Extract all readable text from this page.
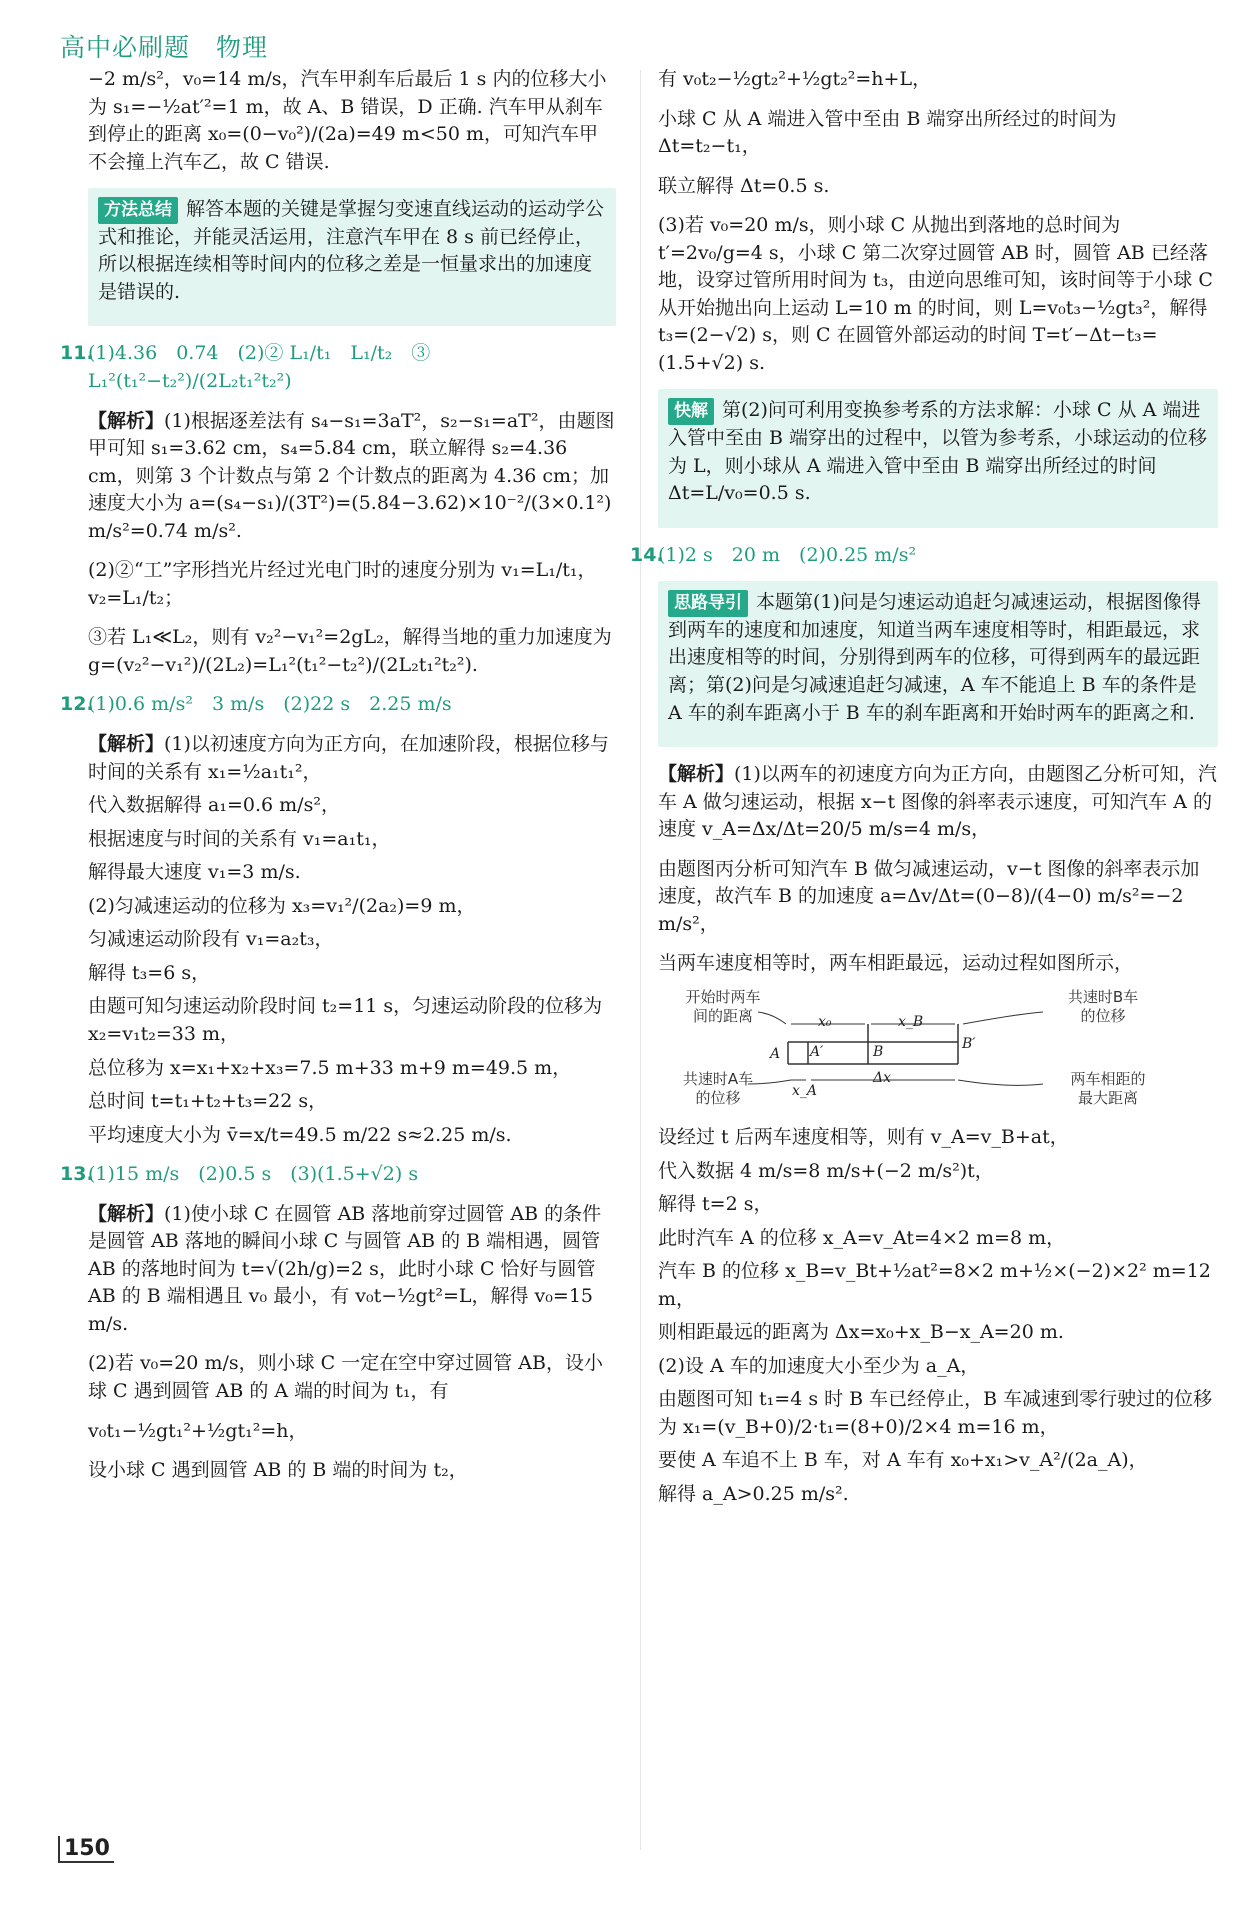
高中必刷题 物理

−2 m/s²，v₀=14 m/s，汽车甲刹车后最后 1 s 内的位移大小为 s₁=−½at′²=1 m，故 A、B 错误，D 正确. 汽车甲从刹车到停止的距离 x₀=(0−v₀²)/(2a)=49 m<50 m，可知汽车甲不会撞上汽车乙，故 C 错误.

方法总结 解答本题的关键是掌握匀变速直线运动的运动学公式和推论，并能灵活运用，注意汽车甲在 8 s 前已经停止，所以根据连续相等时间内的位移之差是一恒量求出的加速度是错误的.

11.(1)4.36　0.74　(2)② L₁/t₁　L₁/t₂　③ L₁²(t₁²−t₂²)/(2L₂t₁²t₂²)

【解析】(1)根据逐差法有 s₄−s₁=3aT²，s₂−s₁=aT²，由题图甲可知 s₁=3.62 cm，s₄=5.84 cm，联立解得 s₂=4.36 cm，则第 3 个计数点与第 2 个计数点的距离为 4.36 cm；加速度大小为 a=(s₄−s₁)/(3T²)=(5.84−3.62)×10⁻²/(3×0.1²) m/s²=0.74 m/s².

(2)②“工”字形挡光片经过光电门时的速度分别为 v₁=L₁/t₁，v₂=L₁/t₂；

③若 L₁≪L₂，则有 v₂²−v₁²=2gL₂，解得当地的重力加速度为 g=(v₂²−v₁²)/(2L₂)=L₁²(t₁²−t₂²)/(2L₂t₁²t₂²).

12.(1)0.6 m/s²　3 m/s　(2)22 s　2.25 m/s

【解析】(1)以初速度方向为正方向，在加速阶段，根据位移与时间的关系有 x₁=½a₁t₁²，

代入数据解得 a₁=0.6 m/s²，

根据速度与时间的关系有 v₁=a₁t₁，

解得最大速度 v₁=3 m/s.

(2)匀减速运动的位移为 x₃=v₁²/(2a₂)=9 m，

匀减速运动阶段有 v₁=a₂t₃，

解得 t₃=6 s，

由题可知匀速运动阶段时间 t₂=11 s，匀速运动阶段的位移为 x₂=v₁t₂=33 m，

总位移为 x=x₁+x₂+x₃=7.5 m+33 m+9 m=49.5 m，

总时间 t=t₁+t₂+t₃=22 s，

平均速度大小为 v̄=x/t=49.5 m/22 s≈2.25 m/s.

13.(1)15 m/s　(2)0.5 s　(3)(1.5+√2) s

【解析】(1)使小球 C 在圆管 AB 落地前穿过圆管 AB 的条件是圆管 AB 落地的瞬间小球 C 与圆管 AB 的 B 端相遇，圆管 AB 的落地时间为 t=√(2h/g)=2 s，此时小球 C 恰好与圆管 AB 的 B 端相遇且 v₀ 最小，有 v₀t−½gt²=L，解得 v₀=15 m/s.

(2)若 v₀=20 m/s，则小球 C 一定在空中穿过圆管 AB，设小球 C 遇到圆管 AB 的 A 端的时间为 t₁，有

v₀t₁−½gt₁²+½gt₁²=h，

设小球 C 遇到圆管 AB 的 B 端的时间为 t₂，

有 v₀t₂−½gt₂²+½gt₂²=h+L，

小球 C 从 A 端进入管中至由 B 端穿出所经过的时间为 Δt=t₂−t₁，

联立解得 Δt=0.5 s.

(3)若 v₀=20 m/s，则小球 C 从抛出到落地的总时间为 t′=2v₀/g=4 s，小球 C 第二次穿过圆管 AB 时，圆管 AB 已经落地，设穿过管所用时间为 t₃，由逆向思维可知，该时间等于小球 C 从开始抛出向上运动 L=10 m 的时间，则 L=v₀t₃−½gt₃²，解得 t₃=(2−√2) s，则 C 在圆管外部运动的时间 T=t′−Δt−t₃=(1.5+√2) s.

快解 第(2)问可利用变换参考系的方法求解：小球 C 从 A 端进入管中至由 B 端穿出的过程中，以管为参考系，小球运动的位移为 L，则小球从 A 端进入管中至由 B 端穿出所经过的时间 Δt=L/v₀=0.5 s.

14.(1)2 s　20 m　(2)0.25 m/s²

思路导引 本题第(1)问是匀速运动追赶匀减速运动，根据图像得到两车的速度和加速度，知道当两车速度相等时，相距最远，求出速度相等的时间，分别得到两车的位移，可得到两车的最远距离；第(2)问是匀减速追赶匀减速，A 车不能追上 B 车的条件是 A 车的刹车距离小于 B 车的刹车距离和开始时两车的距离之和.

【解析】(1)以两车的初速度方向为正方向，由题图乙分析可知，汽车 A 做匀速运动，根据 x−t 图像的斜率表示速度，可知汽车 A 的速度 v_A=Δx/Δt=20/5 m/s=4 m/s，

由题图丙分析可知汽车 B 做匀减速运动，v−t 图像的斜率表示加速度，故汽车 B 的加速度 a=Δv/Δt=(0−8)/(4−0) m/s²=−2 m/s²，

当两车速度相等时，两车相距最远，运动过程如图所示，

开始时两车
间的距离
共速时B车
的位移
共速时A车
的位移
两车相距的
最大距离
x₀	x_B
x_A
Δx
A A′	B	B′

设经过 t 后两车速度相等，则有 v_A=v_B+at，

代入数据 4 m/s=8 m/s+(−2 m/s²)t，

解得 t=2 s，

此时汽车 A 的位移 x_A=v_At=4×2 m=8 m，

汽车 B 的位移 x_B=v_Bt+½at²=8×2 m+½×(−2)×2² m=12 m，

则相距最远的距离为 Δx=x₀+x_B−x_A=20 m.

(2)设 A 车的加速度大小至少为 a_A，

由题图可知 t₁=4 s 时 B 车已经停止，B 车减速到零行驶过的位移为 x₁=(v_B+0)/2·t₁=(8+0)/2×4 m=16 m，

要使 A 车追不上 B 车，对 A 车有 x₀+x₁>v_A²/(2a_A)，

解得 a_A>0.25 m/s².

150
